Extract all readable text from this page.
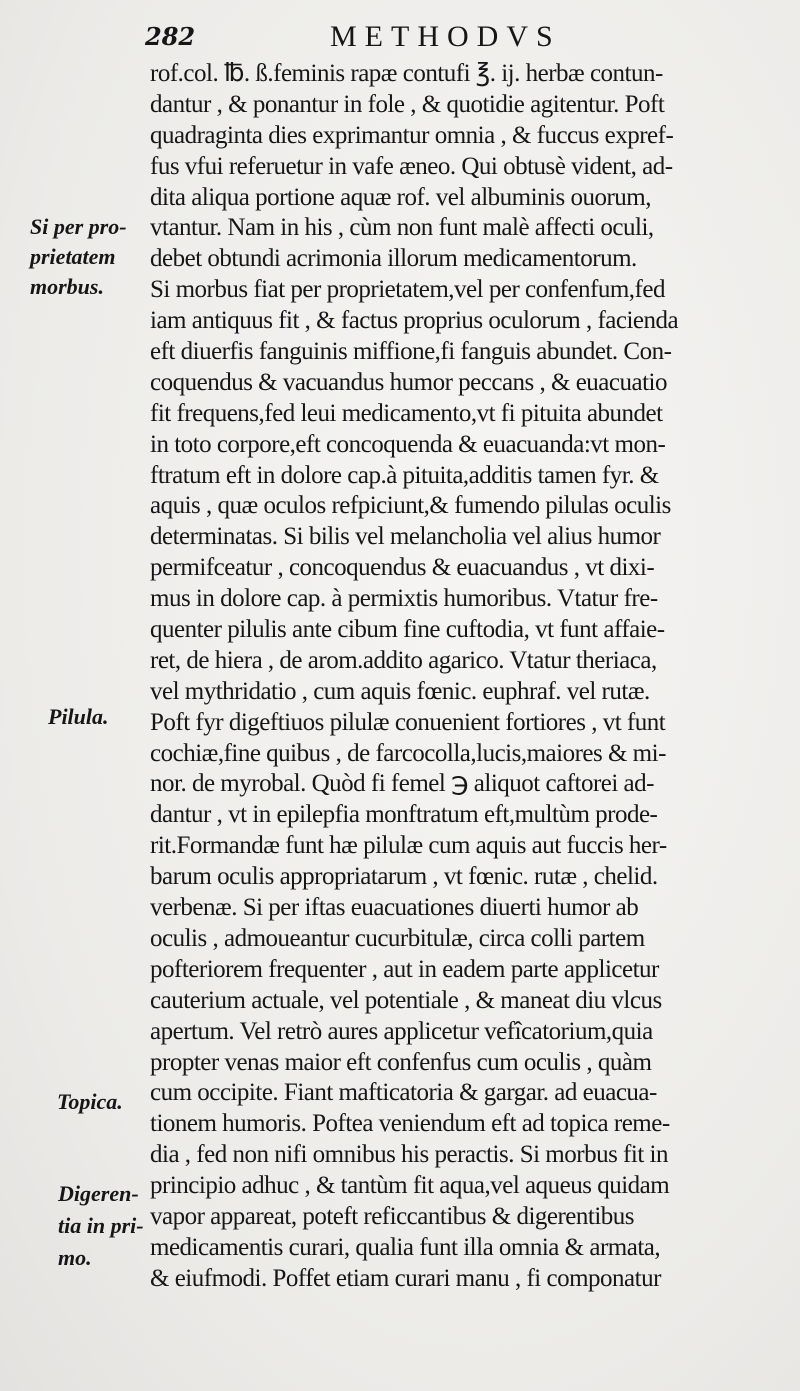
282	METHODVS
Si per pro-
prietatem
morbus.
Pilula.
Topica.
Digeren-
tia in pri-
mo.
rof.col. ℔. ß.feminis rapæ contufi ℥. ij. herbæ contun-
dantur , & ponantur in fole , & quotidie agitentur. Poft
quadraginta dies exprimantur omnia , & fuccus expref-
fus vfui referuetur in vafe æneo. Qui obtusè vident, ad-
dita aliqua portione aquæ rof. vel albuminis ouorum,
vtantur. Nam in his , cùm non funt malè affecti oculi,
debet obtundi acrimonia illorum medicamentorum.
Si morbus fiat per proprietatem,vel per confenfum,fed
iam antiquus fit , & factus proprius oculorum , facienda
eft diuerfis fanguinis miffione,fi fanguis abundet. Con-
coquendus & vacuandus humor peccans , & euacuatio
fit frequens,fed leui medicamento,vt fi pituita abundet
in toto corpore,eft concoquenda & euacuanda:vt mon-
ftratum eft in dolore cap.à pituita,additis tamen fyr. &
aquis , quæ oculos refpiciunt,& fumendo pilulas oculis
determinatas. Si bilis vel melancholia vel alius humor
permifceatur , concoquendus & euacuandus , vt dixi-
mus in dolore cap. à permixtis humoribus. Vtatur fre-
quenter pilulis ante cibum fine cuftodia, vt funt affaie-
ret, de hiera , de arom.addito agarico. Vtatur theriaca,
vel mythridatio , cum aquis fœnic. euphraf. vel rutæ.
Poft fyr digeftiuos pilulæ conuenient fortiores , vt funt
cochiæ,fine quibus , de farcocolla,lucis,maiores & mi-
nor. de myrobal. Quòd fi femel ℈ aliquot caftorei ad-
dantur , vt in epilepfia monftratum eft,multùm prode-
rit.Formandæ funt hæ pilulæ cum aquis aut fuccis her-
barum oculis appropriatarum , vt fœnic. rutæ , chelid.
verbenæ. Si per iftas euacuationes diuerti humor ab
oculis , admoueantur cucurbitulæ, circa colli partem
pofteriorem frequenter , aut in eadem parte applicetur
cauterium actuale, vel potentiale , & maneat diu vlcus
apertum. Vel retrò aures applicetur vefîcatorium,quia
propter venas maior eft confenfus cum oculis , quàm
cum occipite. Fiant mafticatoria & gargar. ad euacua-
tionem humoris. Poftea veniendum eft ad topica reme-
dia , fed non nifi omnibus his peractis. Si morbus fit in
principio adhuc , & tantùm fit aqua,vel aqueus quidam
vapor appareat, poteft reficcantibus & digerentibus
medicamentis curari, qualia funt illa omnia & armata,
& eiufmodi. Poffet etiam curari manu , fi componatur
